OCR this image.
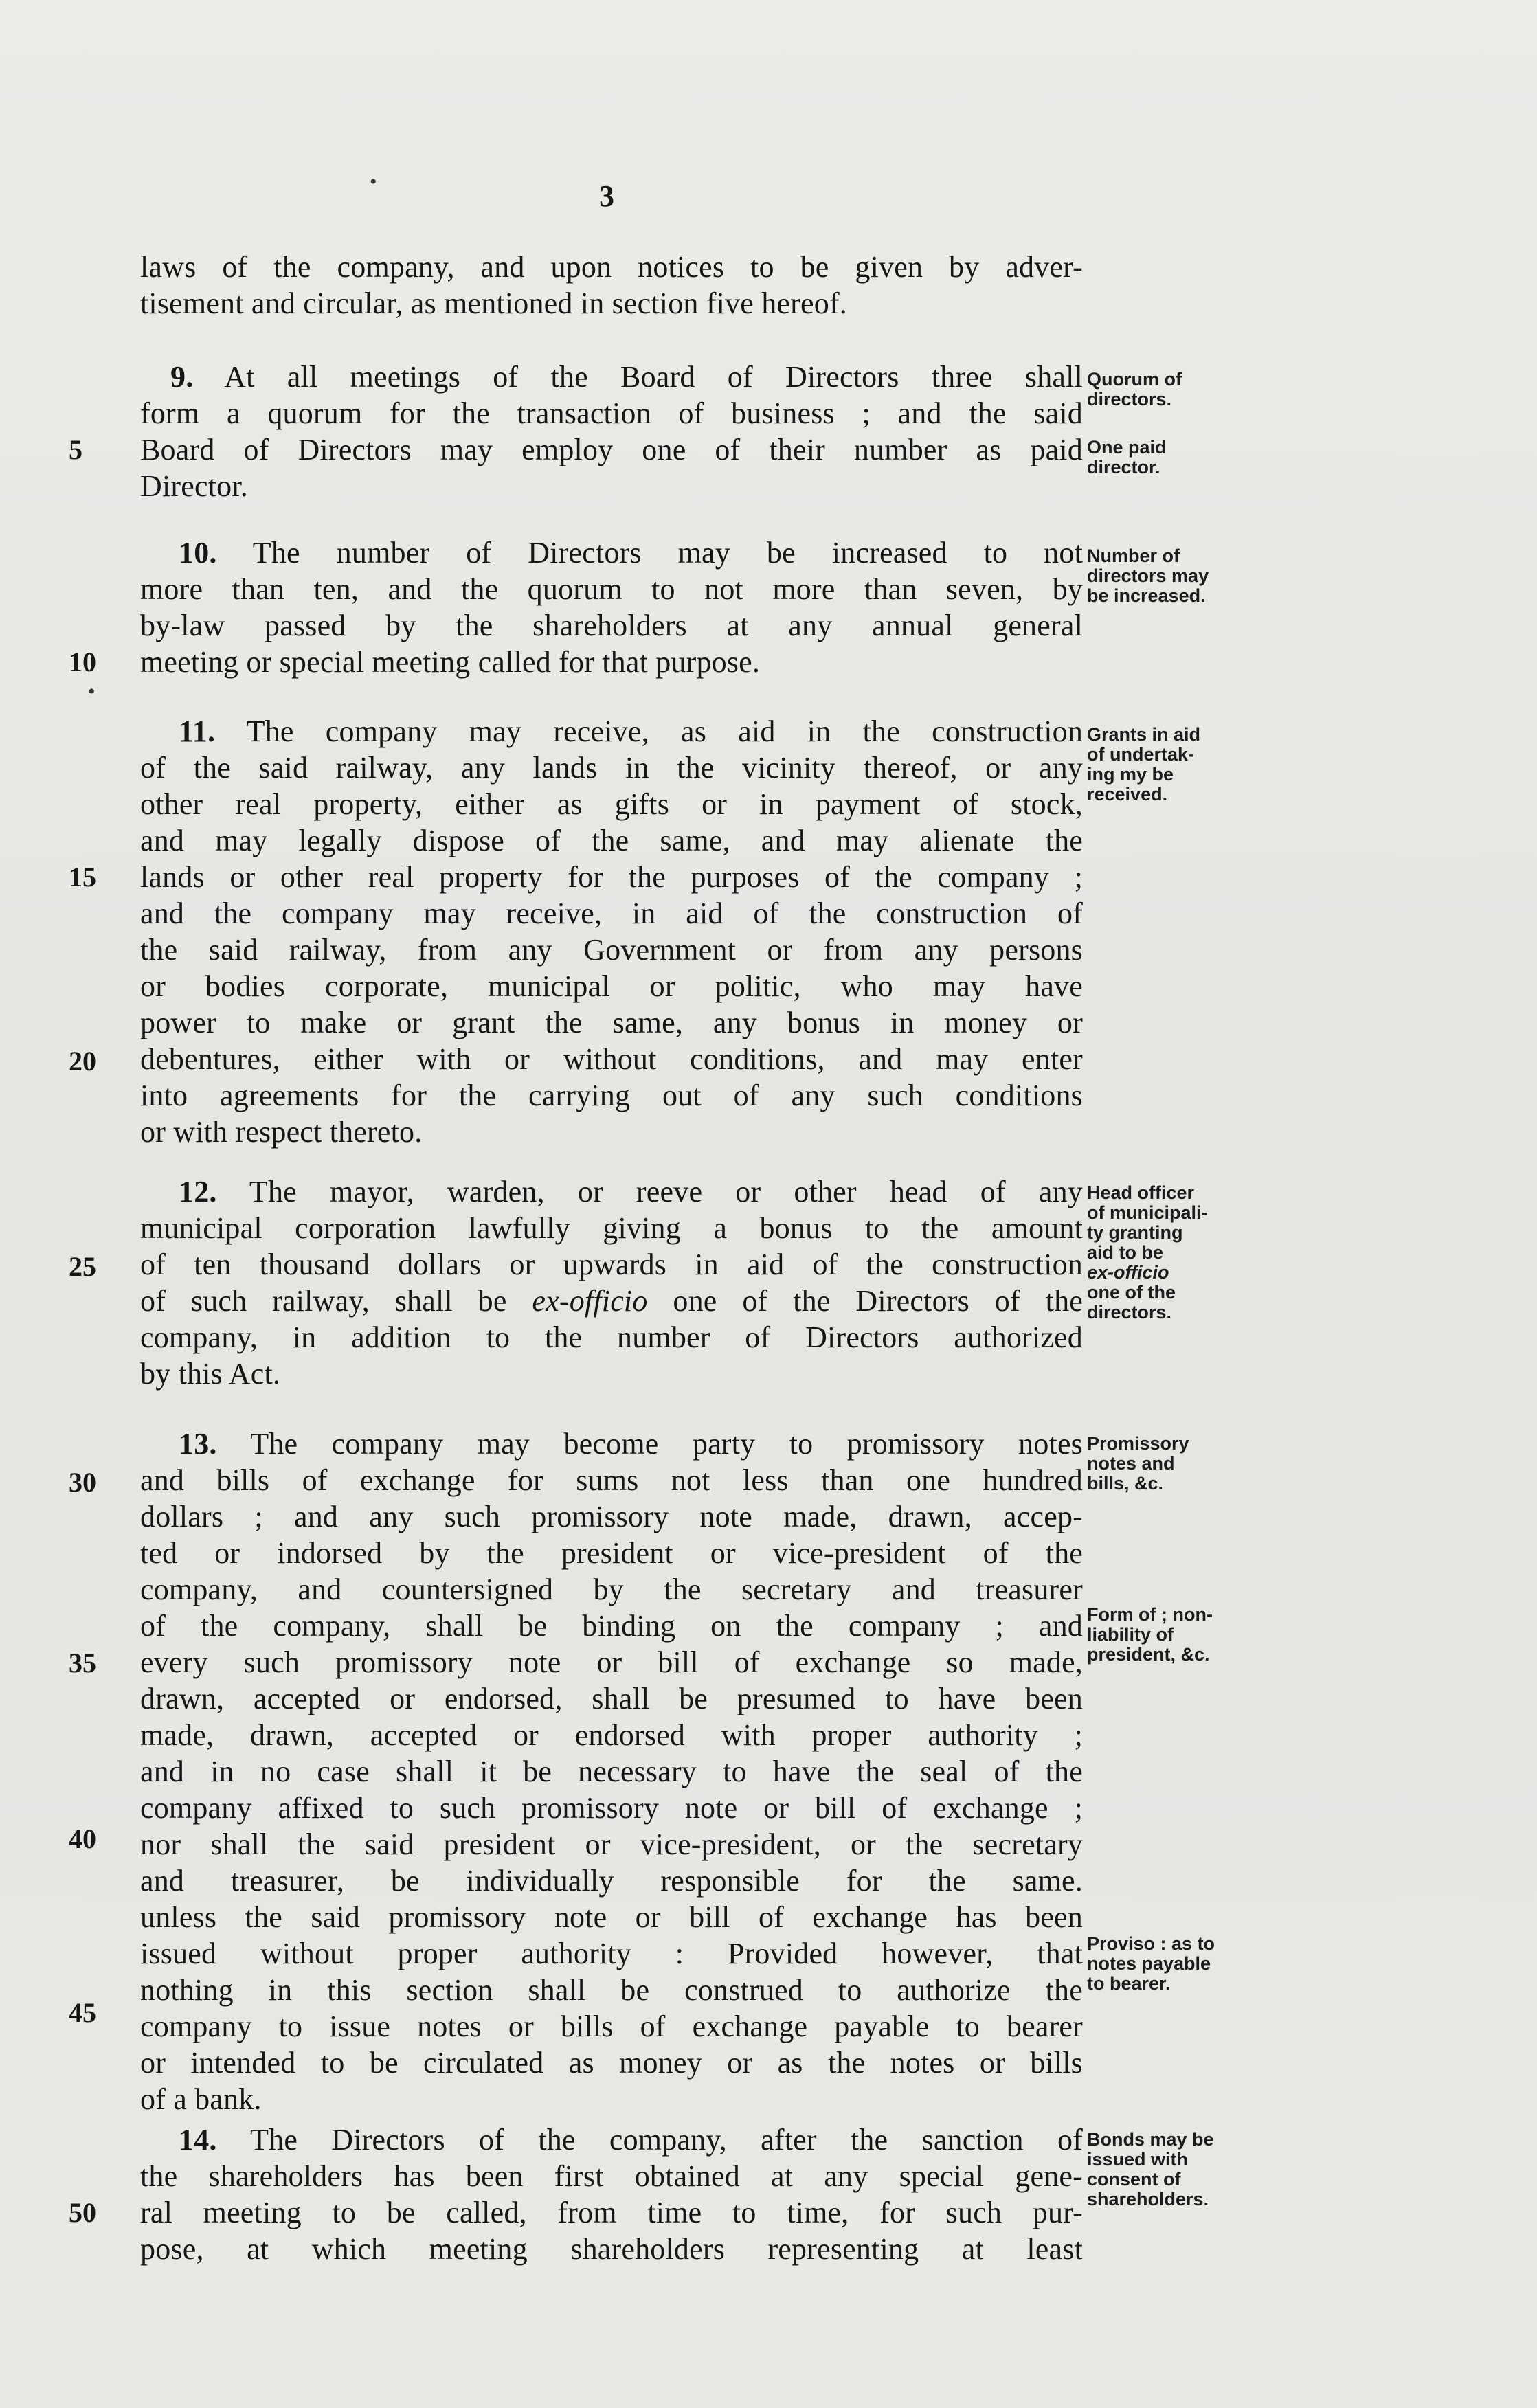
•	3
laws of the company, and upon notices to be given by adver-
tisement and circular, as mentioned in section five hereof.
9. At all meetings of the Board of Directors three shall
form a quorum for the transaction of business ; and the said
Board of Directors may employ one of their number as paid
Director.
10. The number of Directors may be increased to not
more than ten, and the quorum to not more than seven, by
by-law passed by the shareholders at any annual general
meeting or special meeting called for that purpose.
•
11. The company may receive, as aid in the construction
of the said railway, any lands in the vicinity thereof, or any
other real property, either as gifts or in payment of stock,
and may legally dispose of the same, and may alienate the
lands or other real property for the purposes of the company ;
and the company may receive, in aid of the construction of
the said railway, from any Government or from any persons
or bodies corporate, municipal or politic, who may have
power to make or grant the same, any bonus in money or
debentures, either with or without conditions, and may enter
into agreements for the carrying out of any such conditions
or with respect thereto.
12. The mayor, warden, or reeve or other head of any
municipal corporation lawfully giving a bonus to the amount
of ten thousand dollars or upwards in aid of the construction
of such railway, shall be ex-officio one of the Directors of the
company, in addition to the number of Directors authorized
by this Act.
13. The company may become party to promissory notes
and bills of exchange for sums not less than one hundred
dollars ; and any such promissory note made, drawn, accep-
ted or indorsed by the president or vice-president of the
company, and countersigned by the secretary and treasurer
of the company, shall be binding on the company ; and
every such promissory note or bill of exchange so made,
drawn, accepted or endorsed, shall be presumed to have been
made, drawn, accepted or endorsed with proper authority ;
and in no case shall it be necessary to have the seal of the
company affixed to such promissory note or bill of exchange ;
nor shall the said president or vice-president, or the secretary
and treasurer, be individually responsible for the same.
unless the said promissory note or bill of exchange has been
issued without proper authority : Provided however, that
nothing in this section shall be construed to authorize the
company to issue notes or bills of exchange payable to bearer
or intended to be circulated as money or as the notes or bills
of a bank.
14. The Directors of the company, after the sanction of
the shareholders has been first obtained at any special gene-
ral meeting to be called, from time to time, for such pur-
pose, at which meeting shareholders representing at least
5
10
15
20
25
30
35
40
45
50
Quorum of
directors.
One paid
director.
Number of
directors may
be increased.
Grants in aid
of undertak-
ing my be
received.
Head officer
of municipali-
ty granting
aid to be
ex-officio
one of the
directors.
Promissory
notes and
bills, &c.
Form of ; non-
liability of
president, &c.
Proviso : as to
notes payable
to bearer.
Bonds may be
issued with
consent of
shareholders.
